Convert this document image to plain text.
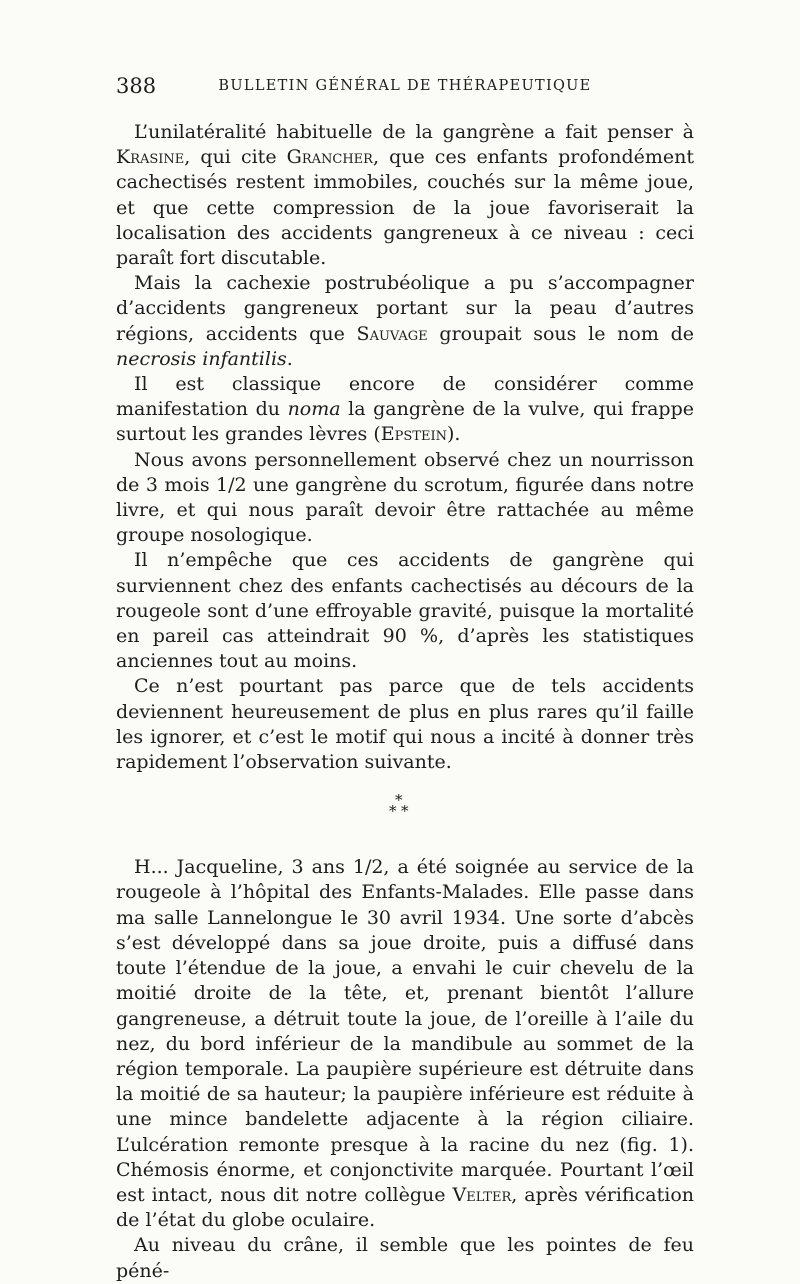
388	BULLETIN GÉNÉRAL DE THÉRAPEUTIQUE

L’unilatéralité habituelle de la gangrène a fait penser à Krasine, qui cite Grancher, que ces enfants profondément cachectisés restent immobiles, couchés sur la même joue, et que cette compression de la joue favoriserait la localisation des accidents gangreneux à ce niveau : ceci paraît fort discutable.

Mais la cachexie postrubéolique a pu s’accompagner d’accidents gangreneux portant sur la peau d’autres régions, accidents que Sauvage groupait sous le nom de necrosis infantilis.

Il est classique encore de considérer comme manifestation du noma la gangrène de la vulve, qui frappe surtout les grandes lèvres (Epstein).

Nous avons personnellement observé chez un nourrisson de 3 mois 1/2 une gangrène du scrotum, figurée dans notre livre, et qui nous paraît devoir être rattachée au même groupe nosologique.

Il n’empêche que ces accidents de gangrène qui surviennent chez des enfants cachectisés au décours de la rougeole sont d’une effroyable gravité, puisque la mortalité en pareil cas atteindrait 90 %, d’après les statistiques anciennes tout au moins.

Ce n’est pourtant pas parce que de tels accidents deviennent heureusement de plus en plus rares qu’il faille les ignorer, et c’est le motif qui nous a incité à donner très rapidement l’observation suivante.

*
* *

H... Jacqueline, 3 ans 1/2, a été soignée au service de la rougeole à l’hôpital des Enfants-Malades. Elle passe dans ma salle Lannelongue le 30 avril 1934. Une sorte d’abcès s’est développé dans sa joue droite, puis a diffusé dans toute l’étendue de la joue, a envahi le cuir chevelu de la moitié droite de la tête, et, prenant bientôt l’allure gangreneuse, a détruit toute la joue, de l’oreille à l’aile du nez, du bord inférieur de la mandibule au sommet de la région temporale. La paupière supérieure est détruite dans la moitié de sa hauteur; la paupière inférieure est réduite à une mince bandelette adjacente à la région ciliaire. L’ulcération remonte presque à la racine du nez (fig. 1). Chémosis énorme, et conjonctivite marquée. Pourtant l’œil est intact, nous dit notre collègue Velter, après vérification de l’état du globe oculaire.

Au niveau du crâne, il semble que les pointes de feu péné-
